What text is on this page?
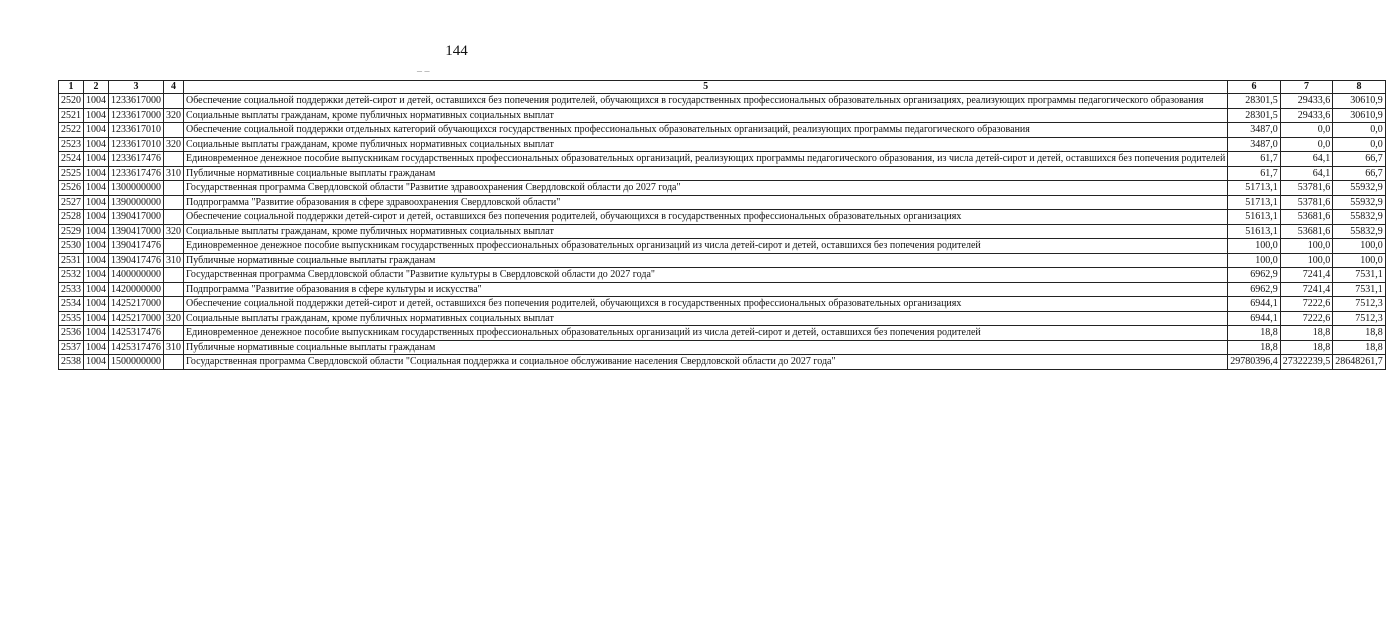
144
_ _
1	2	3	4	5	6	7	8
2520	1004	1233617000		Обеспечение социальной поддержки детей-сирот и детей, оставшихся без попечения родителей, обучающихся в государственных профессиональных образовательных организациях, реализующих программы педагогического образования	28301,5	29433,6	30610,9
2521	1004	1233617000	320	Социальные выплаты гражданам, кроме публичных нормативных социальных выплат	28301,5	29433,6	30610,9
2522	1004	1233617010		Обеспечение социальной поддержки отдельных категорий обучающихся государственных профессиональных образовательных организаций, реализующих программы педагогического образования	3487,0	0,0	0,0
2523	1004	1233617010	320	Социальные выплаты гражданам, кроме публичных нормативных социальных выплат	3487,0	0,0	0,0
2524	1004	1233617476		Единовременное денежное пособие выпускникам государственных профессиональных образовательных организаций, реализующих программы педагогического образования, из числа детей-сирот и детей, оставшихся без попечения родителей	61,7	64,1	66,7
2525	1004	1233617476	310	Публичные нормативные социальные выплаты гражданам	61,7	64,1	66,7
2526	1004	1300000000		Государственная программа Свердловской области "Развитие здравоохранения Свердловской области до 2027 года"	51713,1	53781,6	55932,9
2527	1004	1390000000		Подпрограмма "Развитие образования в сфере здравоохранения Свердловской области"	51713,1	53781,6	55932,9
2528	1004	1390417000		Обеспечение социальной поддержки детей-сирот и детей, оставшихся без попечения родителей, обучающихся в государственных профессиональных образовательных организациях	51613,1	53681,6	55832,9
2529	1004	1390417000	320	Социальные выплаты гражданам, кроме публичных нормативных социальных выплат	51613,1	53681,6	55832,9
2530	1004	1390417476		Единовременное денежное пособие выпускникам государственных профессиональных образовательных организаций из числа детей-сирот и детей, оставшихся без попечения родителей	100,0	100,0	100,0
2531	1004	1390417476	310	Публичные нормативные социальные выплаты гражданам	100,0	100,0	100,0
2532	1004	1400000000		Государственная программа Свердловской области "Развитие культуры в Свердловской области до 2027 года"	6962,9	7241,4	7531,1
2533	1004	1420000000		Подпрограмма "Развитие образования в сфере культуры и искусства"	6962,9	7241,4	7531,1
2534	1004	1425217000		Обеспечение социальной поддержки детей-сирот и детей, оставшихся без попечения родителей, обучающихся в государственных профессиональных образовательных организациях	6944,1	7222,6	7512,3
2535	1004	1425217000	320	Социальные выплаты гражданам, кроме публичных нормативных социальных выплат	6944,1	7222,6	7512,3
2536	1004	1425317476		Единовременное денежное пособие выпускникам государственных профессиональных образовательных организаций из числа детей-сирот и детей, оставшихся без попечения родителей	18,8	18,8	18,8
2537	1004	1425317476	310	Публичные нормативные социальные выплаты гражданам	18,8	18,8	18,8
2538	1004	1500000000		Государственная программа Свердловской области "Социальная поддержка и социальное обслуживание населения Свердловской области до 2027 года"	29780396,4	27322239,5	28648261,7
